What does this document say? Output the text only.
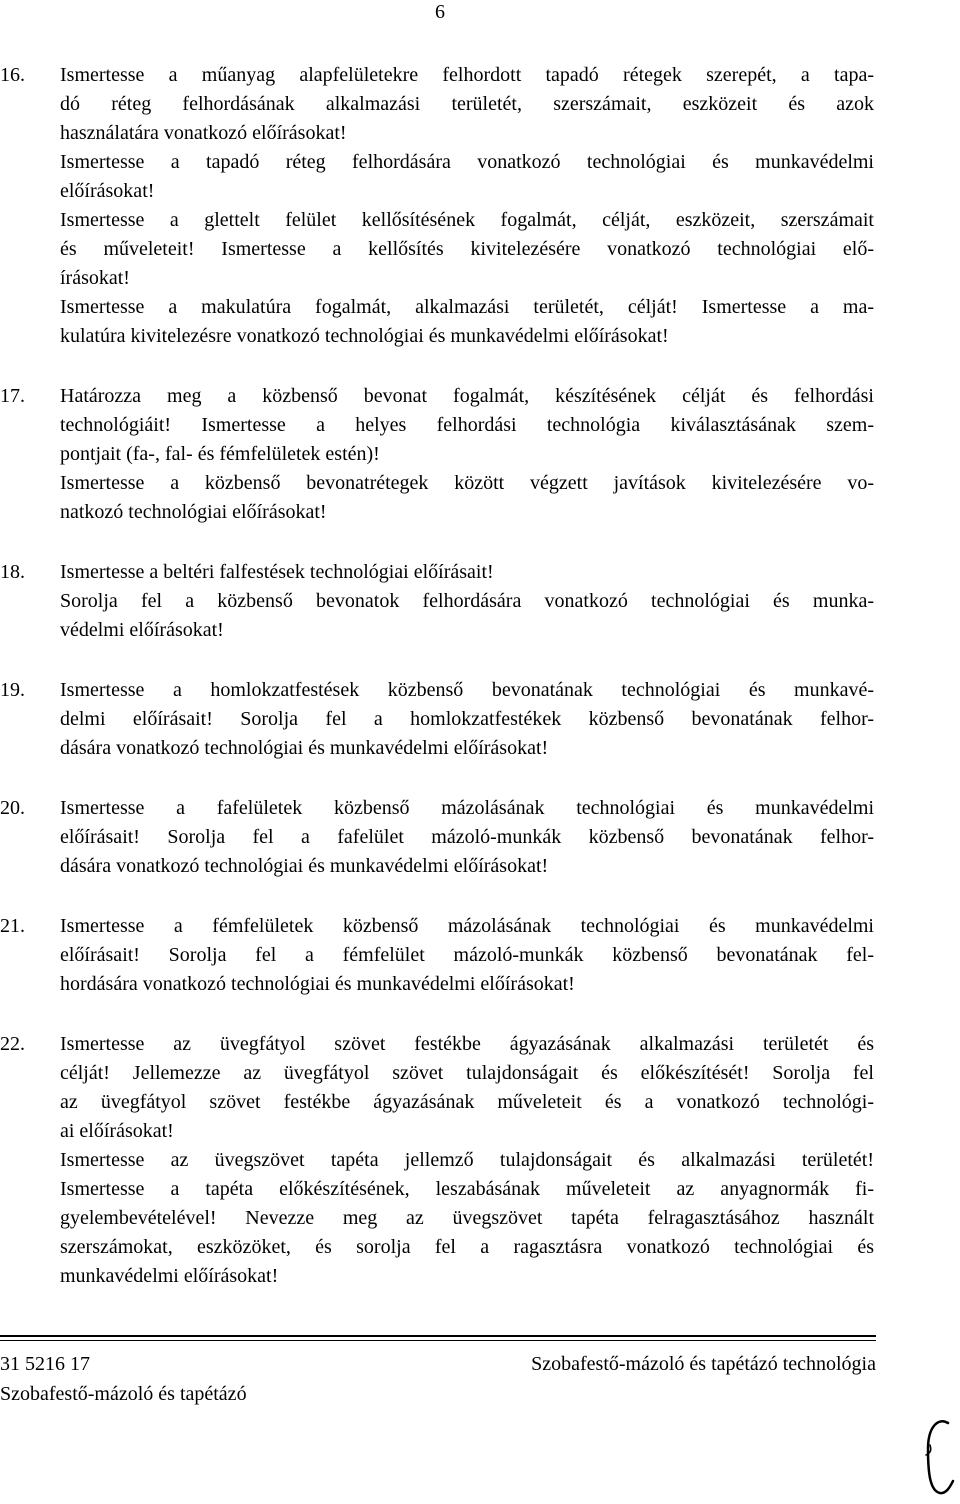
6
16. Ismertesse a műanyag alapfelületekre felhordott tapadó rétegek szerepét, a tapa-
dó réteg felhordásának alkalmazási területét, szerszámait, eszközeit és azok
használatára vonatkozó előírásokat!
Ismertesse a tapadó réteg felhordására vonatkozó technológiai és munkavédelmi
előírásokat!
Ismertesse a glettelt felület kellősítésének fogalmát, célját, eszközeit, szerszámait
és műveleteit! Ismertesse a kellősítés kivitelezésére vonatkozó technológiai elő-
írásokat!
Ismertesse a makulatúra fogalmát, alkalmazási területét, célját! Ismertesse a ma-
kulatúra kivitelezésre vonatkozó technológiai és munkavédelmi előírásokat!
17. Határozza meg a közbenső bevonat fogalmát, készítésének célját és felhordási
technológiáit! Ismertesse a helyes felhordási technológia kiválasztásának szem-
pontjait (fa-, fal- és fémfelületek estén)!
Ismertesse a közbenső bevonatrétegek között végzett javítások kivitelezésére vo-
natkozó technológiai előírásokat!
18. Ismertesse a beltéri falfestések technológiai előírásait!
Sorolja fel a közbenső bevonatok felhordására vonatkozó technológiai és munka-
védelmi előírásokat!
19. Ismertesse a homlokzatfestések közbenső bevonatának technológiai és munkavé-
delmi előírásait! Sorolja fel a homlokzatfestékek közbenső bevonatának felhor-
dására vonatkozó technológiai és munkavédelmi előírásokat!
20. Ismertesse a fafelületek közbenső mázolásának technológiai és munkavédelmi
előírásait! Sorolja fel a fafelület mázoló-munkák közbenső bevonatának felhor-
dására vonatkozó technológiai és munkavédelmi előírásokat!
21. Ismertesse a fémfelületek közbenső mázolásának technológiai és munkavédelmi
előírásait! Sorolja fel a fémfelület mázoló-munkák közbenső bevonatának fel-
hordására vonatkozó technológiai és munkavédelmi előírásokat!
22. Ismertesse az üvegfátyol szövet festékbe ágyazásának alkalmazási területét és
célját! Jellemezze az üvegfátyol szövet tulajdonságait és előkészítését! Sorolja fel
az üvegfátyol szövet festékbe ágyazásának műveleteit és a vonatkozó technológi-
ai előírásokat!
Ismertesse az üvegszövet tapéta jellemző tulajdonságait és alkalmazási területét!
Ismertesse a tapéta előkészítésének, leszabásának műveleteit az anyagnormák fi-
gyelembevételével! Nevezze meg az üvegszövet tapéta felragasztásához használt
szerszámokat, eszközöket, és sorolja fel a ragasztásra vonatkozó technológiai és
munkavédelmi előírásokat!
31 5216 17	Szobafestő-mázoló és tapétázó technológia
Szobafestő-mázoló és tapétázó
